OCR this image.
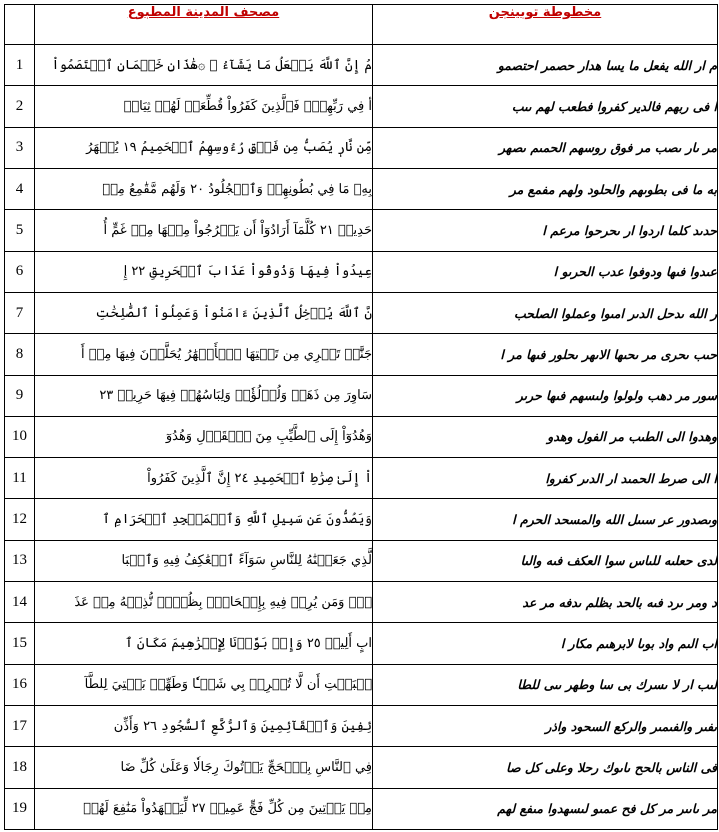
	مصحف المدينة المطبوع	مخطوطة توبينجن
1	مُ إِنَّ ٱللَّهَ يَفۡعَلُ مَا يَشَآءُ ۩ ۞هَٰذَانِ خَصۡمَانِ ٱخۡتَصَمُواْ	م ار الله يفعل ما يسا هدار حصمر احتصمو
2	أ فِي رَبِّهِمۡۖ فَٱلَّذِينَ كَفَرُواْ قُطِّعَتۡ لَهُمۡ ثِيَابٞ	ا فى ربهم فالدير كفروا فطعب لهم ىىب
3	مِّن نَّارٖ يُصَبُّ مِن فَوۡقِ رُءُوسِهِمُ ٱلۡحَمِيمُ ١٩ يُصۡهَرُ	مر ىار ىصب مر فوق روسهم الحمىم ىصهر
4	بِهِۦ مَا فِي بُطُونِهِمۡ وَٱلۡجُلُودُ ٢٠ وَلَهُم مَّقَٰمِعُ مِنۡ	به ما فى بطوىهم والحلود ولهم مفمع مر
5	حَدِيدٖ ٢١ كُلَّمَآ أَرَادُوٓاْ أَن يَخۡرُجُواْ مِنۡهَا مِنۡ غَمٍّ أُ	حدىد كلما اردوا ار ىحرحوا مرعم ا
6	عِيدُواْ فِيهَا وَذُوقُواْ عَذَابَ ٱلۡحَرِيقِ ٢٢ إِ	عىدوا فىها ودوفوا عدب الحرىو ا
7	نَّ ٱللَّهَ يُدۡخِلُ ٱلَّذِينَ ءَامَنُواْ وَعَمِلُواْ ٱلصَّٰلِحَٰتِ	ر الله ىدحل الدىر امىوا وعملوا الصلحب
8	جَنَّٰتٖ تَجۡرِي مِن تَحۡتِهَا ٱلۡأَنۡهَٰرُ يُحَلَّوۡنَ فِيهَا مِنۡ أَ	حىب ىحرى مر ىحىها الاىهر ىحلور فىها مر ا
9	سَاوِرَ مِن ذَهَبٖ وَلُؤۡلُؤٗاۖ وَلِبَاسُهُمۡ فِيهَا حَرِيرٞ ٢٣	سور مر دهب ولولوا ولىسهم فىها حرىر
10	وَهُدُوٓاْ إِلَى ٱلطَّيِّبِ مِنَ ٱلۡقَوۡلِ وَهُدُوٓ	وهدوا الى الطىب مر الفول وهدو
11	اْ إِلَىٰ صِرَٰطِ ٱلۡحَمِيدِ ٢٤ إِنَّ ٱلَّذِينَ كَفَرُواْ	ا الى صرط الحمىد ار الدىر كفروا
12	وَيَصُدُّونَ عَن سَبِيلِ ٱللَّهِ وَٱلۡمَسۡجِدِ ٱلۡحَرَامِ ٱ	وىصدور عر سىىل الله والمسحد الحرم ا
13	لَّذِي جَعَلۡنَٰهُ لِلنَّاسِ سَوَآءً ٱلۡعَٰكِفُ فِيهِ وَٱلۡبَا	لدى حعلىه للىاس سوا العكف فىه والىا
14	دِۚ وَمَن يُرِدۡ فِيهِ بِإِلۡحَادِۭ بِظُلۡمٖ نُّذِقۡهُ مِنۡ عَذَ	د ومر ىرد فىه بالحد بظلم ىدفه مر عد
15	ابٍ أَلِيمٖ ٢٥ وَإِذۡ بَوَّأۡنَا لِإِبۡرَٰهِيمَ مَكَانَ ٱ	اب الىم واد بوىا لابرهىم مكار ا
16	لۡبَيۡتِ أَن لَّا تُشۡرِكۡ بِي شَيۡـٔٗا وَطَهِّرۡ بَيۡتِيَ لِلطَّآ	لىب ار لا ىسرك بى سا وطهر ىىى للطا
17	ئِفِينَ وَٱلۡقَآئِمِينَ وَٱلرُّكَّعِ ٱلسُّجُودِ ٢٦ وَأَذِّن	ىفىر والفىمىر والركع السحود واذر
18	فِي ٱلنَّاسِ بِٱلۡحَجِّ يَأۡتُوكَ رِجَالٗا وَعَلَىٰ كُلِّ ضَا	فى الناس بالحح ىاىوك رحلا وعلى كل صا
19	مِرٖ يَأۡتِينَ مِن كُلِّ فَجٍّ عَمِيقٖ ٢٧ لِّيَشۡهَدُواْ مَنَٰفِعَ لَهُمۡ	مر ىاىىر مر كل فح عمىو لىسهدوا مىفع لهم
